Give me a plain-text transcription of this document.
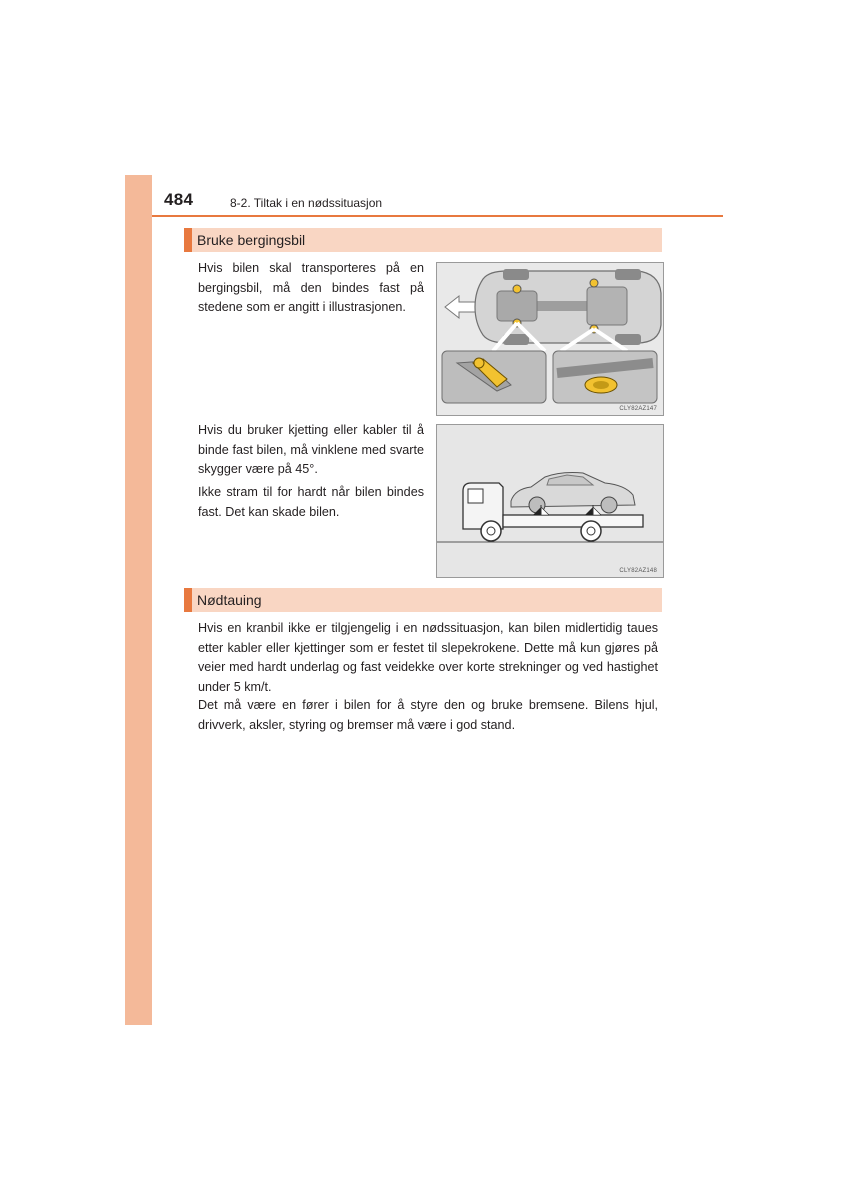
484	8-2. Tiltak i en nødssituasjon
Bruke bergingsbil
Hvis bilen skal transporteres på en bergingsbil, må den bindes fast på stedene som er angitt i illustrasjonen.
CLY82AZ147
Hvis du bruker kjetting eller kabler til å binde fast bilen, må vinklene med svarte skygger være på 45°.
Ikke stram til for hardt når bilen bindes fast. Det kan skade bilen.
CLY82AZ148
Nødtauing
Hvis en kranbil ikke er tilgjengelig i en nødssituasjon, kan bilen midlertidig taues etter kabler eller kjettinger som er festet til slepekrokene. Dette må kun gjøres på veier med hardt underlag og fast veidekke over korte strekninger og ved hastighet under 5 km/t.
Det må være en fører i bilen for å styre den og bruke bremsene. Bilens hjul, drivverk, aksler, styring og bremser må være i god stand.
